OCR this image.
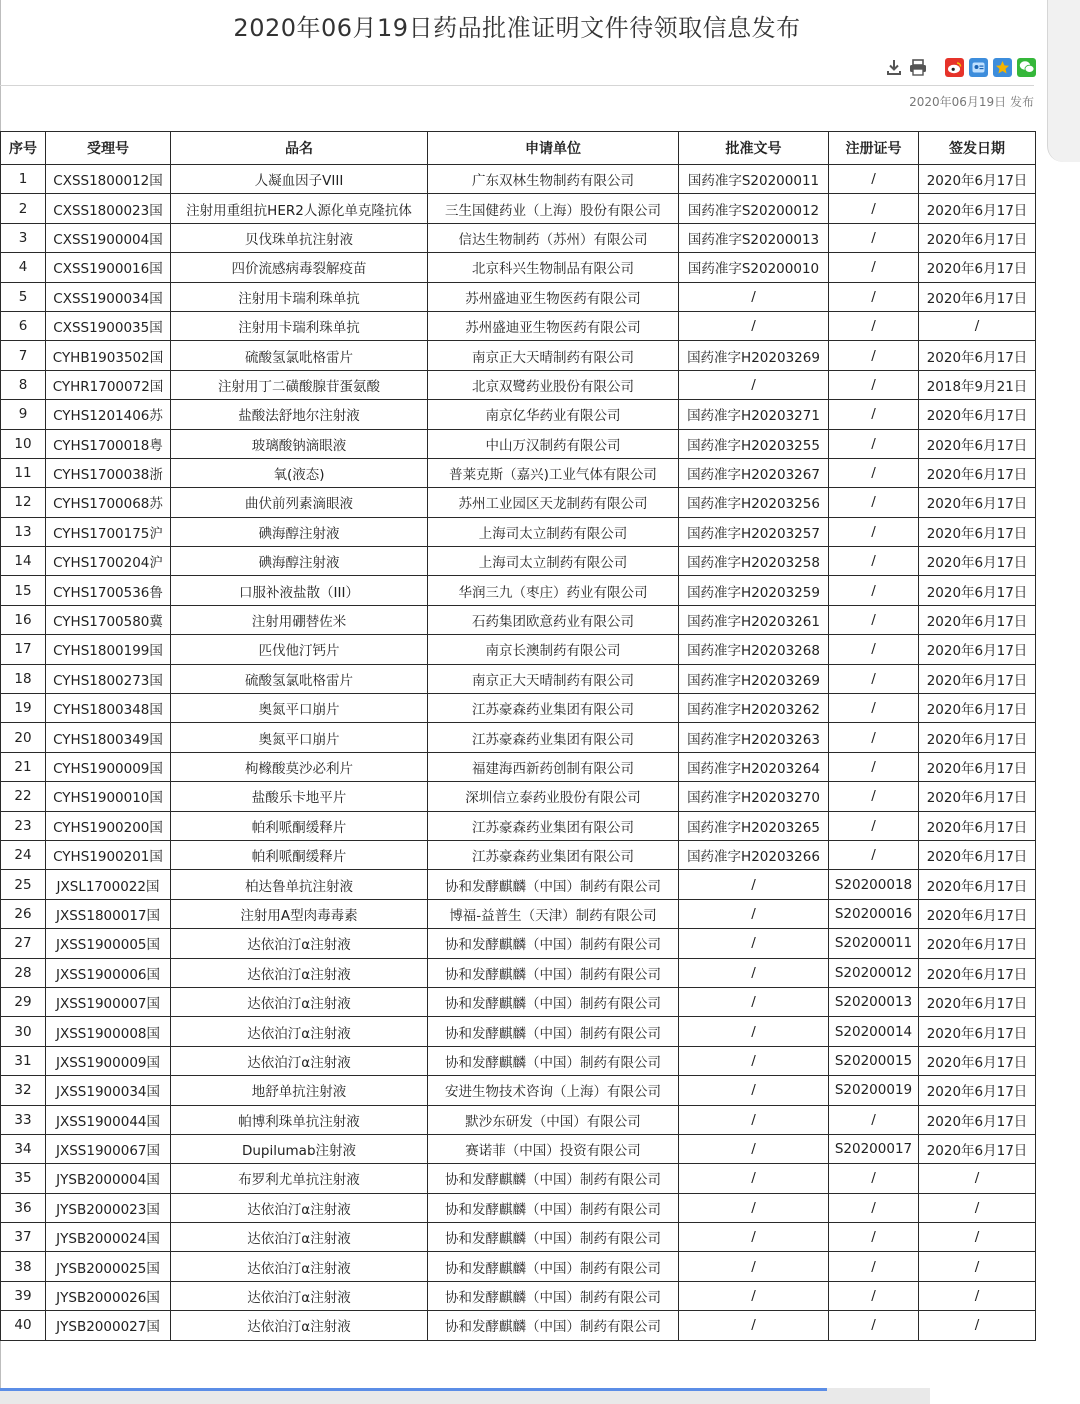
2020年06月19日药品批准证明文件待领取信息发布
2020年06月19日 发布
序号	受理号	品名	申请单位	批准文号	注册证号	签发日期
1	CXSS1800012国	人凝血因子VIII	广东双林生物制药有限公司	国药准字S20200011	/	2020年6月17日
2	CXSS1800023国	注射用重组抗HER2人源化单克隆抗体	三生国健药业（上海）股份有限公司	国药准字S20200012	/	2020年6月17日
3	CXSS1900004国	贝伐珠单抗注射液	信达生物制药（苏州）有限公司	国药准字S20200013	/	2020年6月17日
4	CXSS1900016国	四价流感病毒裂解疫苗	北京科兴生物制品有限公司	国药准字S20200010	/	2020年6月17日
5	CXSS1900034国	注射用卡瑞利珠单抗	苏州盛迪亚生物医药有限公司	/	/	2020年6月17日
6	CXSS1900035国	注射用卡瑞利珠单抗	苏州盛迪亚生物医药有限公司	/	/	/
7	CYHB1903502国	硫酸氢氯吡格雷片	南京正大天晴制药有限公司	国药准字H20203269	/	2020年6月17日
8	CYHR1700072国	注射用丁二磺酸腺苷蛋氨酸	北京双鹭药业股份有限公司	/	/	2018年9月21日
9	CYHS1201406苏	盐酸法舒地尔注射液	南京亿华药业有限公司	国药准字H20203271	/	2020年6月17日
10	CYHS1700018粤	玻璃酸钠滴眼液	中山万汉制药有限公司	国药准字H20203255	/	2020年6月17日
11	CYHS1700038浙	氧(液态)	普莱克斯（嘉兴)工业气体有限公司	国药准字H20203267	/	2020年6月17日
12	CYHS1700068苏	曲伏前列素滴眼液	苏州工业园区天龙制药有限公司	国药准字H20203256	/	2020年6月17日
13	CYHS1700175沪	碘海醇注射液	上海司太立制药有限公司	国药准字H20203257	/	2020年6月17日
14	CYHS1700204沪	碘海醇注射液	上海司太立制药有限公司	国药准字H20203258	/	2020年6月17日
15	CYHS1700536鲁	口服补液盐散（III）	华润三九（枣庄）药业有限公司	国药准字H20203259	/	2020年6月17日
16	CYHS1700580冀	注射用硼替佐米	石药集团欧意药业有限公司	国药准字H20203261	/	2020年6月17日
17	CYHS1800199国	匹伐他汀钙片	南京长澳制药有限公司	国药准字H20203268	/	2020年6月17日
18	CYHS1800273国	硫酸氢氯吡格雷片	南京正大天晴制药有限公司	国药准字H20203269	/	2020年6月17日
19	CYHS1800348国	奥氮平口崩片	江苏豪森药业集团有限公司	国药准字H20203262	/	2020年6月17日
20	CYHS1800349国	奥氮平口崩片	江苏豪森药业集团有限公司	国药准字H20203263	/	2020年6月17日
21	CYHS1900009国	枸橼酸莫沙必利片	福建海西新药创制有限公司	国药准字H20203264	/	2020年6月17日
22	CYHS1900010国	盐酸乐卡地平片	深圳信立泰药业股份有限公司	国药准字H20203270	/	2020年6月17日
23	CYHS1900200国	帕利哌酮缓释片	江苏豪森药业集团有限公司	国药准字H20203265	/	2020年6月17日
24	CYHS1900201国	帕利哌酮缓释片	江苏豪森药业集团有限公司	国药准字H20203266	/	2020年6月17日
25	JXSL1700022国	柏达鲁单抗注射液	协和发酵麒麟（中国）制药有限公司	/	S20200018	2020年6月17日
26	JXSS1800017国	注射用A型肉毒毒素	博福-益普生（天津）制药有限公司	/	S20200016	2020年6月17日
27	JXSS1900005国	达依泊汀α注射液	协和发酵麒麟（中国）制药有限公司	/	S20200011	2020年6月17日
28	JXSS1900006国	达依泊汀α注射液	协和发酵麒麟（中国）制药有限公司	/	S20200012	2020年6月17日
29	JXSS1900007国	达依泊汀α注射液	协和发酵麒麟（中国）制药有限公司	/	S20200013	2020年6月17日
30	JXSS1900008国	达依泊汀α注射液	协和发酵麒麟（中国）制药有限公司	/	S20200014	2020年6月17日
31	JXSS1900009国	达依泊汀α注射液	协和发酵麒麟（中国）制药有限公司	/	S20200015	2020年6月17日
32	JXSS1900034国	地舒单抗注射液	安进生物技术咨询（上海）有限公司	/	S20200019	2020年6月17日
33	JXSS1900044国	帕博利珠单抗注射液	默沙东研发（中国）有限公司	/	/	2020年6月17日
34	JXSS1900067国	Dupilumab注射液	赛诺菲（中国）投资有限公司	/	S20200017	2020年6月17日
35	JYSB2000004国	布罗利尤单抗注射液	协和发酵麒麟（中国）制药有限公司	/	/	/
36	JYSB2000023国	达依泊汀α注射液	协和发酵麒麟（中国）制药有限公司	/	/	/
37	JYSB2000024国	达依泊汀α注射液	协和发酵麒麟（中国）制药有限公司	/	/	/
38	JYSB2000025国	达依泊汀α注射液	协和发酵麒麟（中国）制药有限公司	/	/	/
39	JYSB2000026国	达依泊汀α注射液	协和发酵麒麟（中国）制药有限公司	/	/	/
40	JYSB2000027国	达依泊汀α注射液	协和发酵麒麟（中国）制药有限公司	/	/	/
